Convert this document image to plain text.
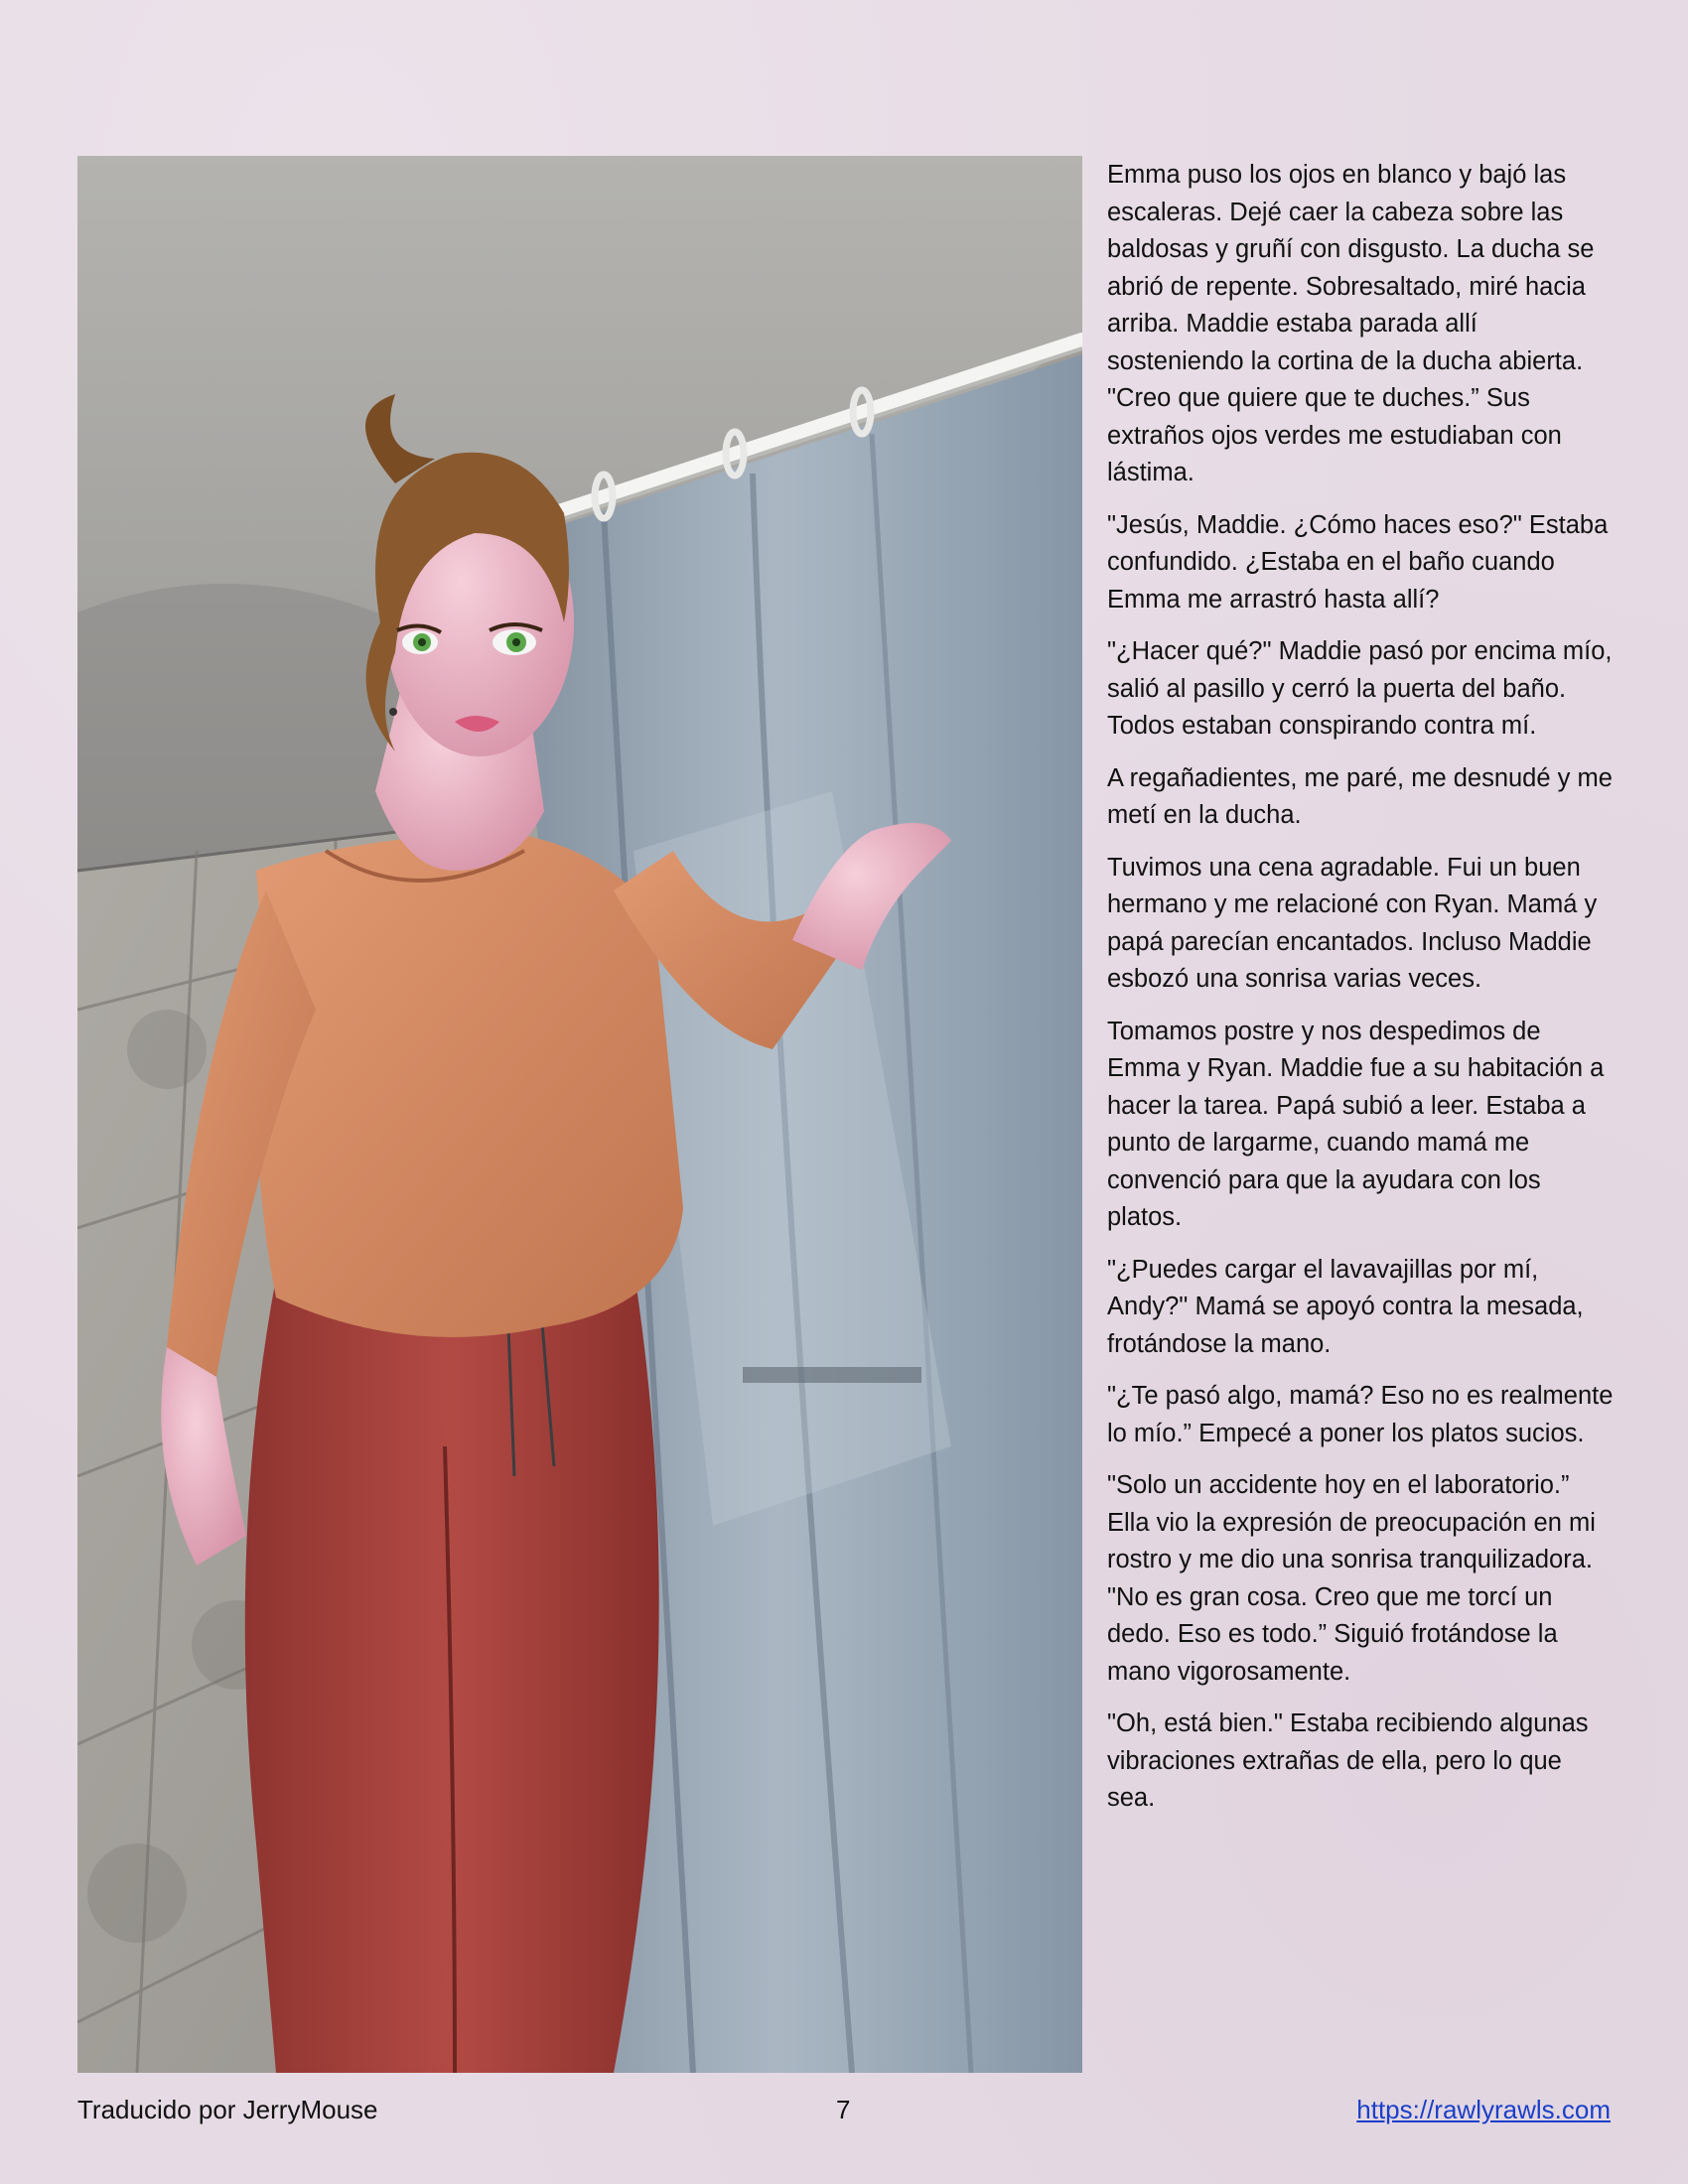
Emma puso los ojos en blanco y bajó las escaleras. Dejé caer la cabeza sobre las baldosas y gruñí con disgusto. La ducha se abrió de repente. Sobresaltado, miré hacia arriba. Maddie estaba parada allí sosteniendo la cortina de la ducha abierta. "Creo que quiere que te duches.” Sus extraños ojos verdes me estudiaban con lástima.

"Jesús, Maddie. ¿Cómo haces eso?" Estaba confundido. ¿Estaba en el baño cuando Emma me arrastró hasta allí?

"¿Hacer qué?" Maddie pasó por encima mío, salió al pasillo y cerró la puerta del baño. Todos estaban conspirando contra mí.

A regañadientes, me paré, me desnudé y me metí en la ducha.

Tuvimos una cena agradable. Fui un buen hermano y me relacioné con Ryan. Mamá y papá parecían encantados. Incluso Maddie esbozó una sonrisa varias veces.

Tomamos postre y nos despedimos de Emma y Ryan. Maddie fue a su habitación a hacer la tarea. Papá subió a leer. Estaba a punto de largarme, cuando mamá me convenció para que la ayudara con los platos.

"¿Puedes cargar el lavavajillas por mí, Andy?" Mamá se apoyó contra la mesada, frotándose la mano.

"¿Te pasó algo, mamá? Eso no es realmente lo mío.” Empecé a poner los platos sucios.

"Solo un accidente hoy en el laboratorio.” Ella vio la expresión de preocupación en mi rostro y me dio una sonrisa tranquilizadora. "No es gran cosa. Creo que me torcí un dedo. Eso es todo.” Siguió frotándose la mano vigorosamente.

"Oh, está bien." Estaba recibiendo algunas vibraciones extrañas de ella, pero lo que sea.

Traducido por JerryMouse	7	https://rawlyrawls.com
